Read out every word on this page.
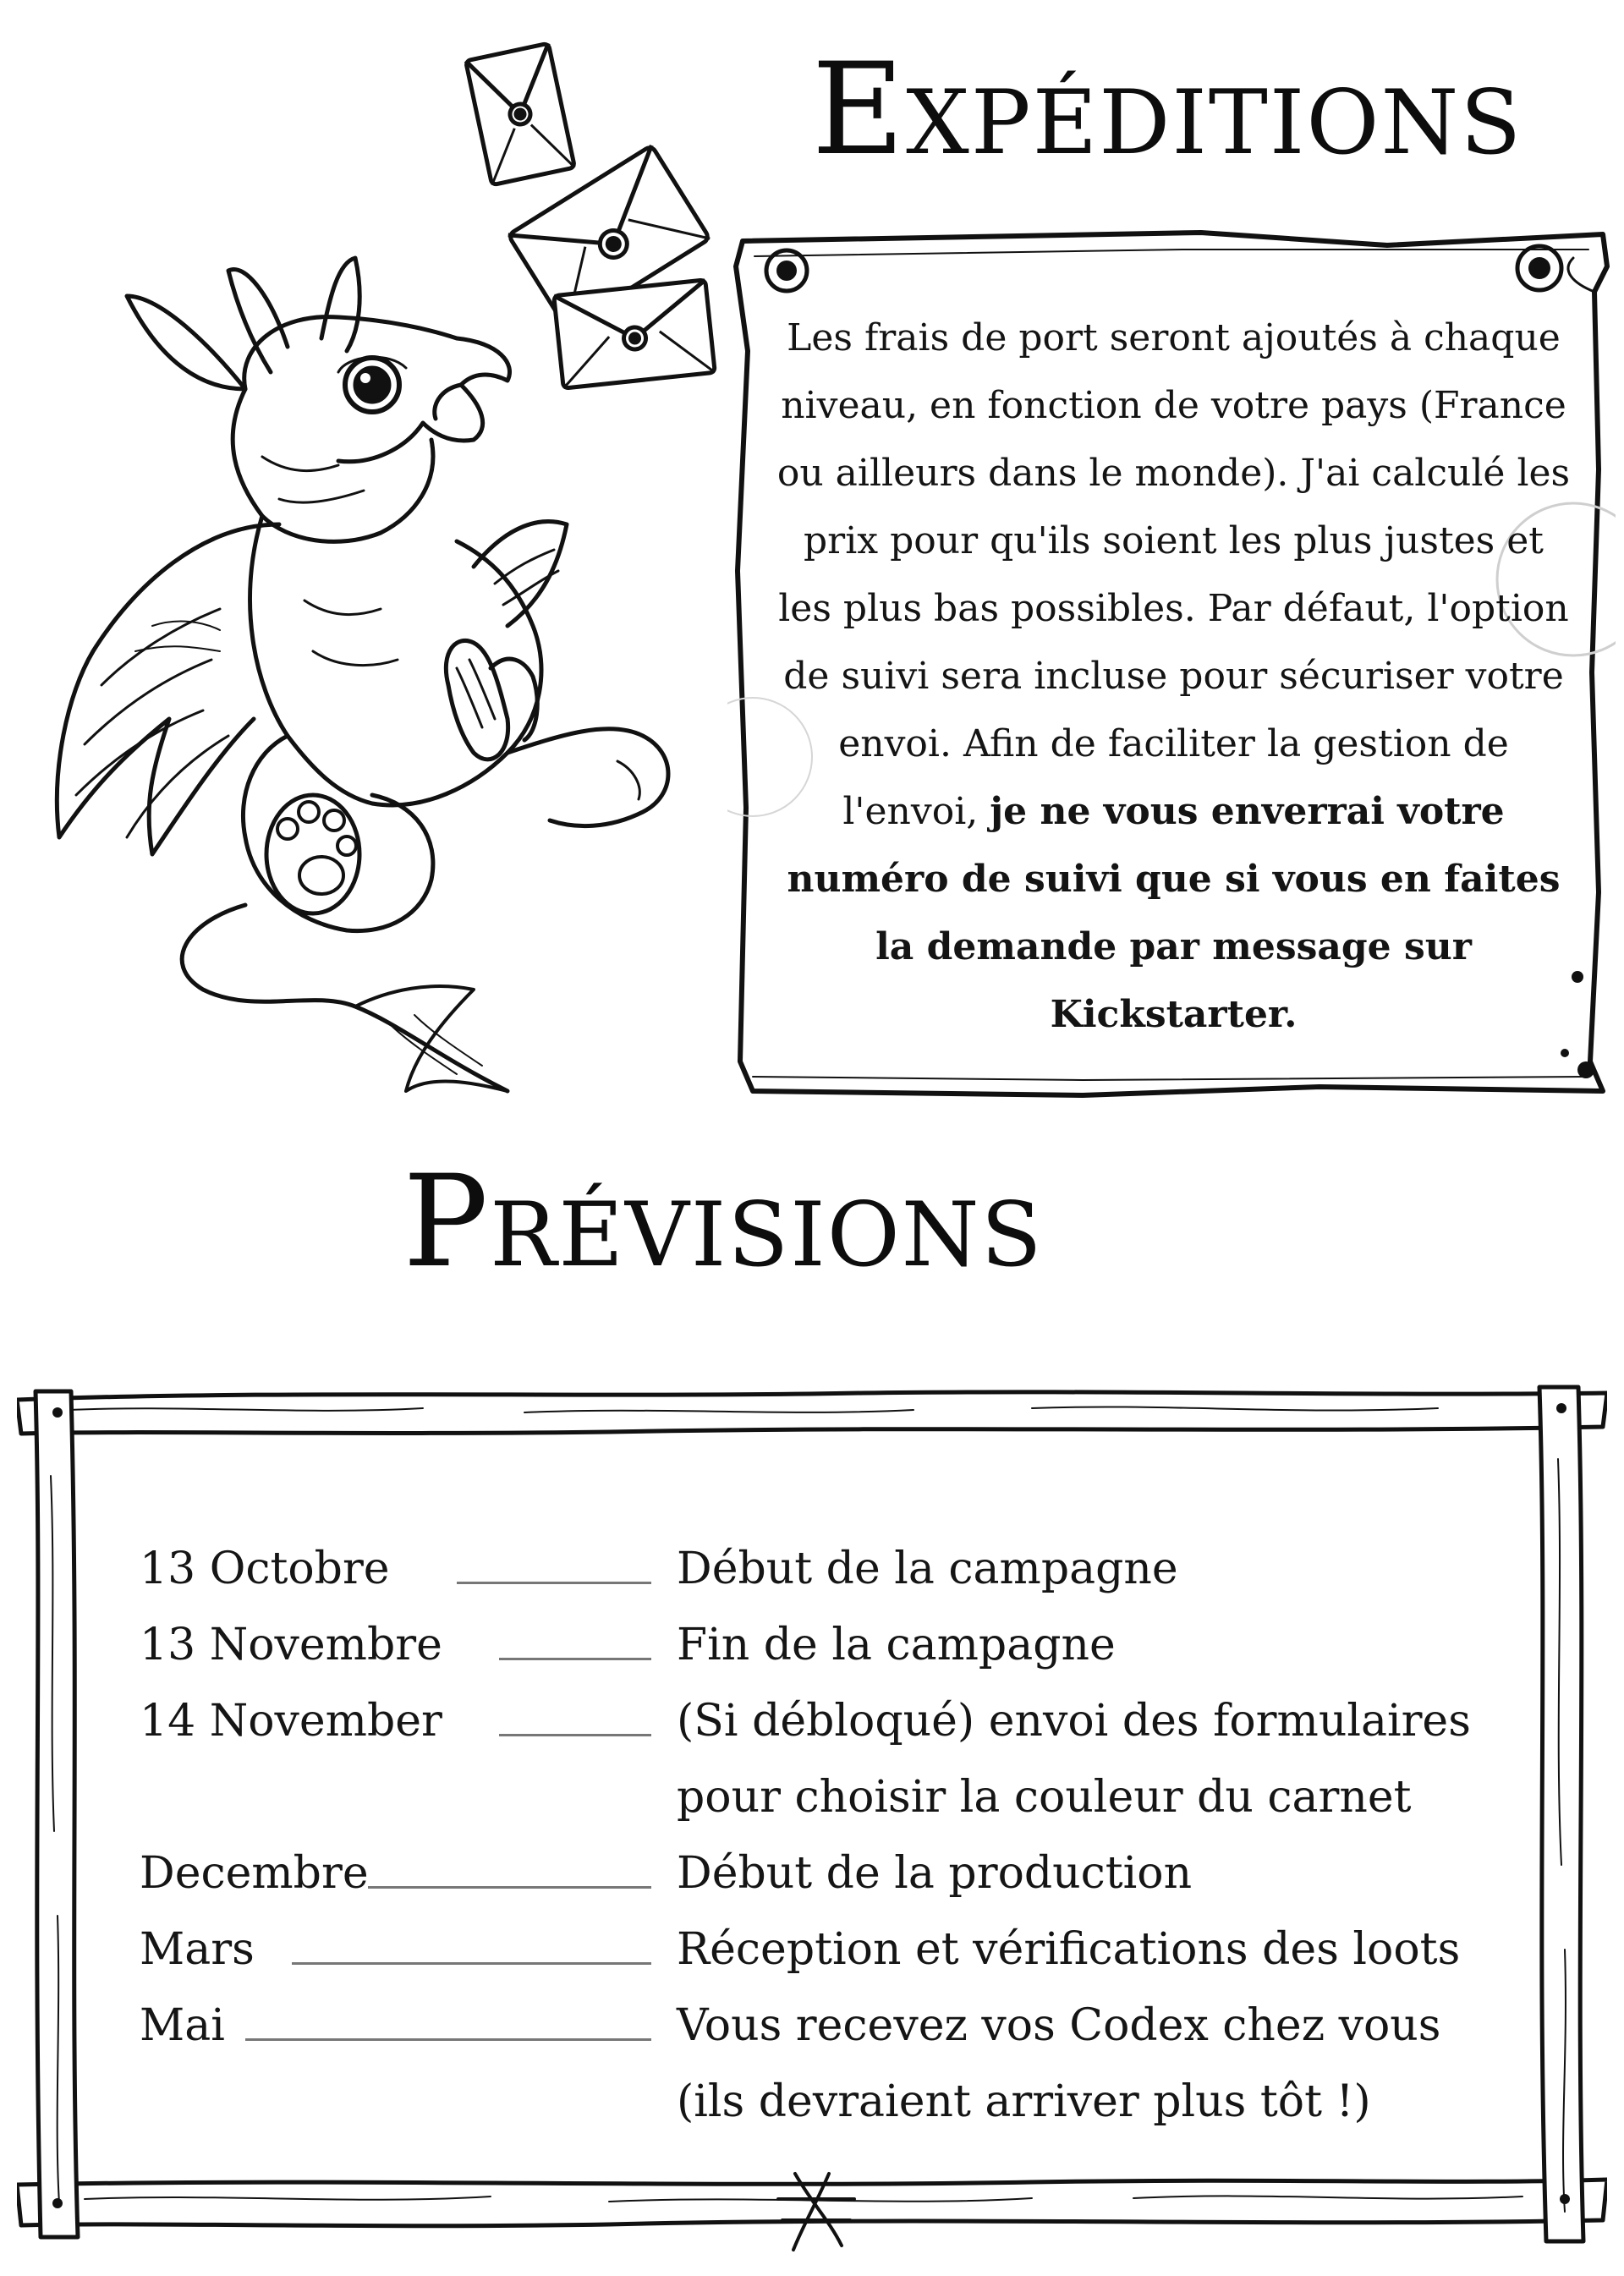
Expéditions
Les frais de port seront ajoutés à chaque niveau, en fonction de votre pays (France ou ailleurs dans le monde). J'ai calculé les prix pour qu'ils soient les plus justes et les plus bas possibles. Par défaut, l'option de suivi sera incluse pour sécuriser votre envoi. Afin de faciliter la gestion de l'envoi, je ne vous enverrai votre numéro de suivi que si vous en faites la demande par message sur Kickstarter.
Prévisions
13 Octobre	Début de la campagne
13 Novembre	Fin de la campagne
14 November	(Si débloqué) envoi des formulaires
pour choisir la couleur du carnet
Decembre	Début de la production
Mars	Réception et vérifications des loots
Mai	Vous recevez vos Codex chez vous
(ils devraient arriver plus tôt !)
